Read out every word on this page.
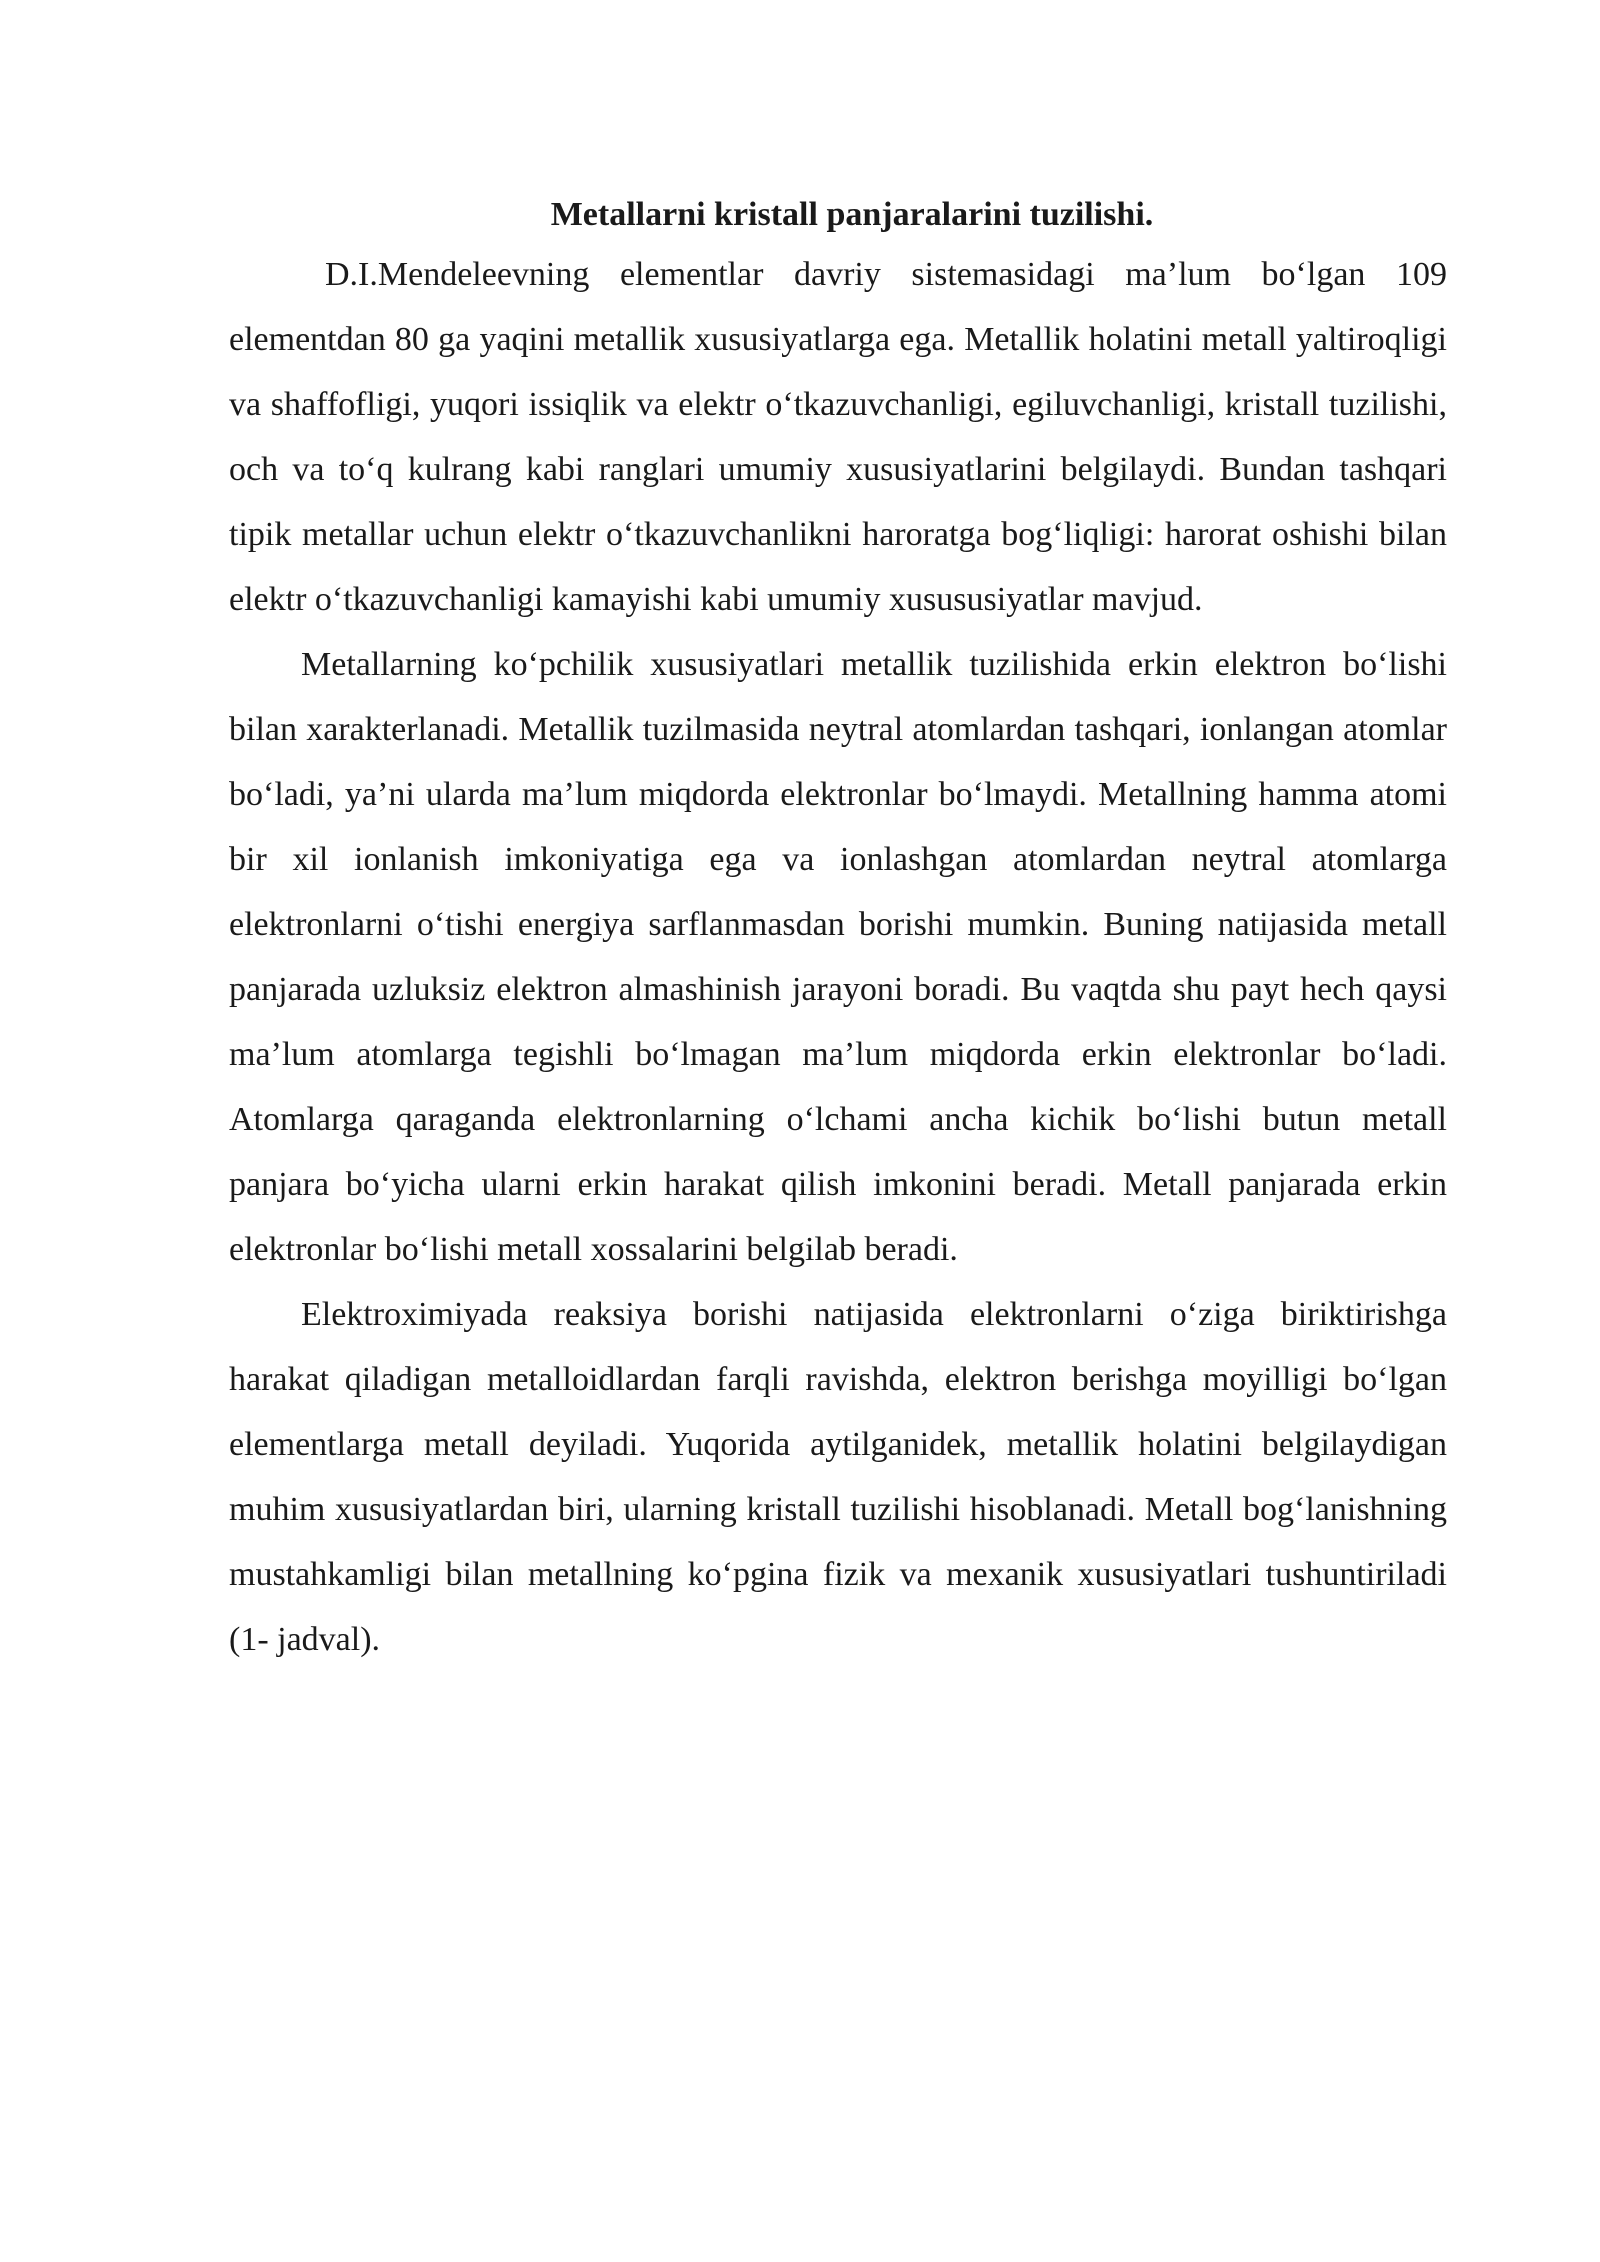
Metallarni kristall panjaralarini tuzilishi.

D.I.Mendeleevning elementlar davriy sistemasidagi ma’lum bo‘lgan 109 elementdan 80 ga yaqini metallik xususiyatlarga ega. Metallik holatini metall yaltiroqligi va shaffofligi, yuqori issiqlik va elektr o‘tkazuvchanligi, egiluvchanligi, kristall tuzilishi, och va to‘q kulrang kabi ranglari umumiy xususiyatlarini belgilaydi. Bundan tashqari tipik metallar uchun elektr o‘tkazuvchanlikni haroratga bog‘liqligi: harorat oshishi bilan elektr o‘tkazuvchanligi kamayishi kabi umumiy xusususiyatlar mavjud.

Metallarning ko‘pchilik xususiyatlari metallik tuzilishida erkin elektron bo‘lishi bilan xarakterlanadi. Metallik tuzilmasida neytral atomlardan tashqari, ionlangan atomlar bo‘ladi, ya’ni ularda ma’lum miqdorda elektronlar bo‘lmaydi. Metallning hamma atomi bir xil ionlanish imkoniyatiga ega va ionlashgan atomlardan neytral atomlarga elektronlarni o‘tishi energiya sarflanmasdan borishi mumkin. Buning natijasida metall panjarada uzluksiz elektron almashinish jarayoni boradi. Bu vaqtda shu payt hech qaysi ma’lum atomlarga tegishli bo‘lmagan ma’lum miqdorda erkin elektronlar bo‘ladi. Atomlarga qaraganda elektronlarning o‘lchami ancha kichik bo‘lishi butun metall panjara bo‘yicha ularni erkin harakat qilish imkonini beradi. Metall panjarada erkin elektronlar bo‘lishi metall xossalarini belgilab beradi.

Elektroximiyada reaksiya borishi natijasida elektronlarni o‘ziga biriktirishga harakat qiladigan metalloidlardan farqli ravishda, elektron berishga moyilligi bo‘lgan elementlarga metall deyiladi. Yuqorida aytilganidek, metallik holatini belgilaydigan muhim xususiyatlardan biri, ularning kristall tuzilishi hisoblanadi. Metall bog‘lanishning mustahkamligi bilan metallning ko‘pgina fizik va mexanik xususiyatlari tushuntiriladi (1- jadval).
